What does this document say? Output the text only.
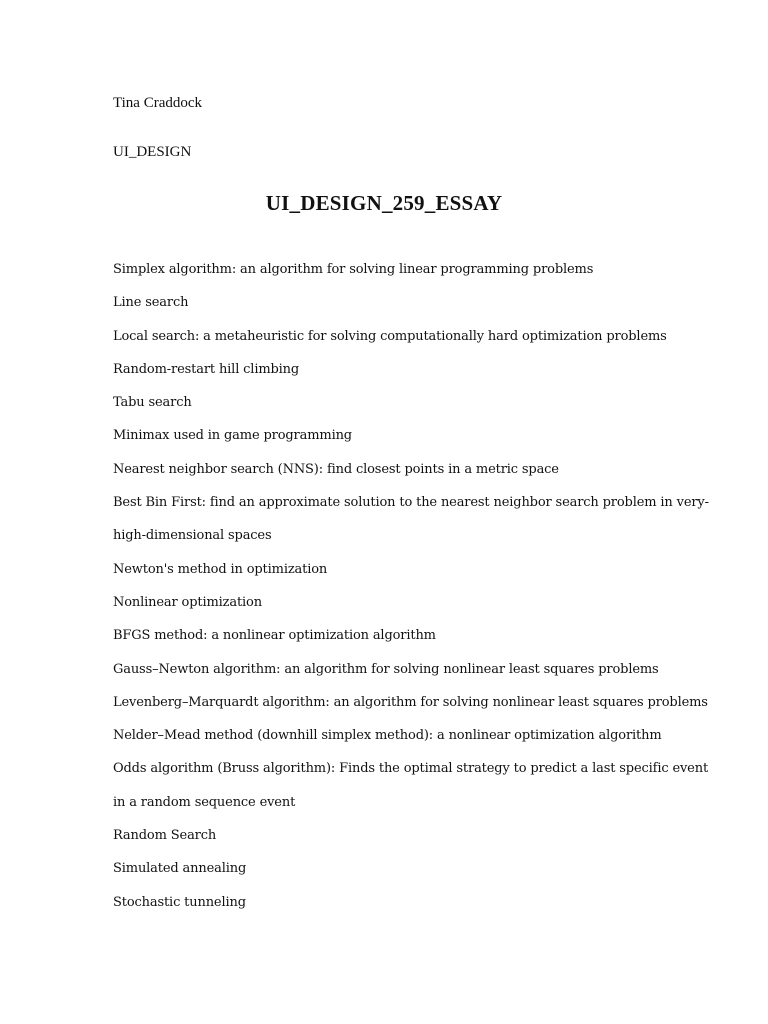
Tina Craddock
UI_DESIGN
UI_DESIGN_259_ESSAY
Simplex algorithm: an algorithm for solving linear programming problems
Line search
Local search: a metaheuristic for solving computationally hard optimization problems
Random-restart hill climbing
Tabu search
Minimax used in game programming
Nearest neighbor search (NNS): find closest points in a metric space
Best Bin First: find an approximate solution to the nearest neighbor search problem in very-
high-dimensional spaces
Newton's method in optimization
Nonlinear optimization
BFGS method: a nonlinear optimization algorithm
Gauss–Newton algorithm: an algorithm for solving nonlinear least squares problems
Levenberg–Marquardt algorithm: an algorithm for solving nonlinear least squares problems
Nelder–Mead method (downhill simplex method): a nonlinear optimization algorithm
Odds algorithm (Bruss algorithm): Finds the optimal strategy to predict a last specific event
in a random sequence event
Random Search
Simulated annealing
Stochastic tunneling
